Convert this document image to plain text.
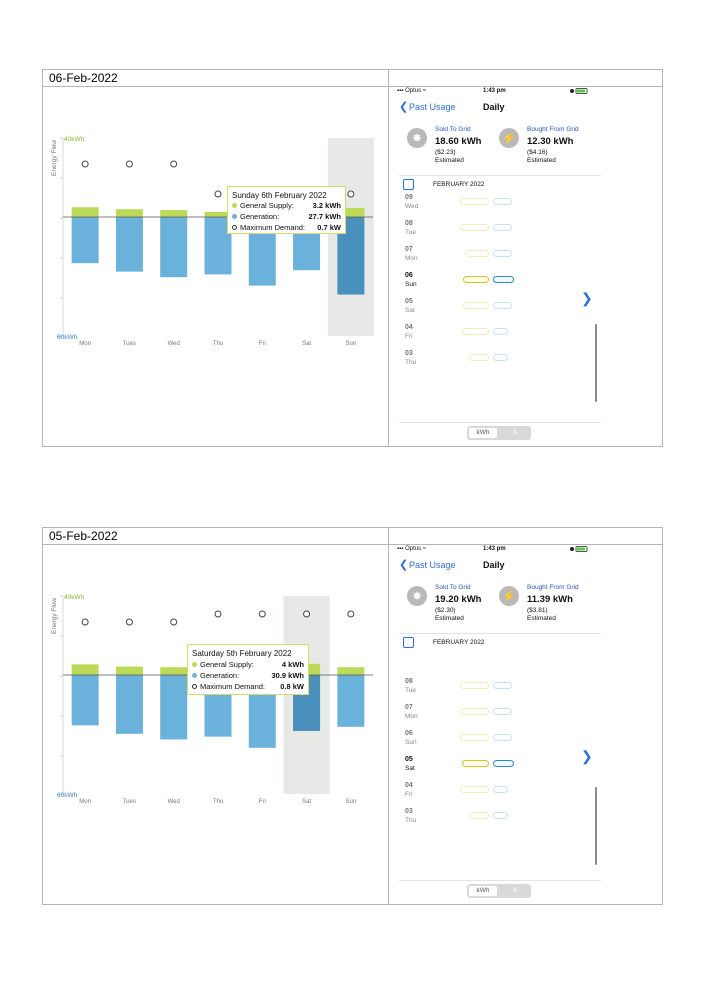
06-Feb-2022
Energy Flow
40kWh
60kWh
Mon	Tues	Wed	Thu	Fri	Sat	Sun
Sunday 6th February 2022
General Supply:	3.2 kWh
Generation:	27.7 kWh
Maximum Demand: 0.7 kW
▪▪▪ Optus ≈	1:43 pm
❮ Past Usage	Daily
✸
Sold To Grid
18.60 kWh
($2.23)
Estimated
⚡
Bought From Grid
12.30 kWh
($4.16)
Estimated
FEBRUARY 2022
09
Wed
08
Tue
07
Mon
06
Sun
05
Sat
04
Fri
03
Thu
❯
kWh	$
05-Feb-2022
Energy Flow
40kWh
60kWh
Mon	Tues	Wed	Thu	Fri	Sat	Sun
Saturday 5th February 2022
General Supply:	4 kWh
Generation:	30.9 kWh
Maximum Demand: 0.8 kW
▪▪▪ Optus ≈	1:43 pm
❮ Past Usage	Daily
✸
Sold To Grid
19.20 kWh
($2.30)
Estimated
⚡
Bought From Grid
11.39 kWh
($3.81)
Estimated
FEBRUARY 2022
08
Tue
07
Mon
06
Sun
05
Sat
04
Fri
03
Thu
❯
kWh	$
